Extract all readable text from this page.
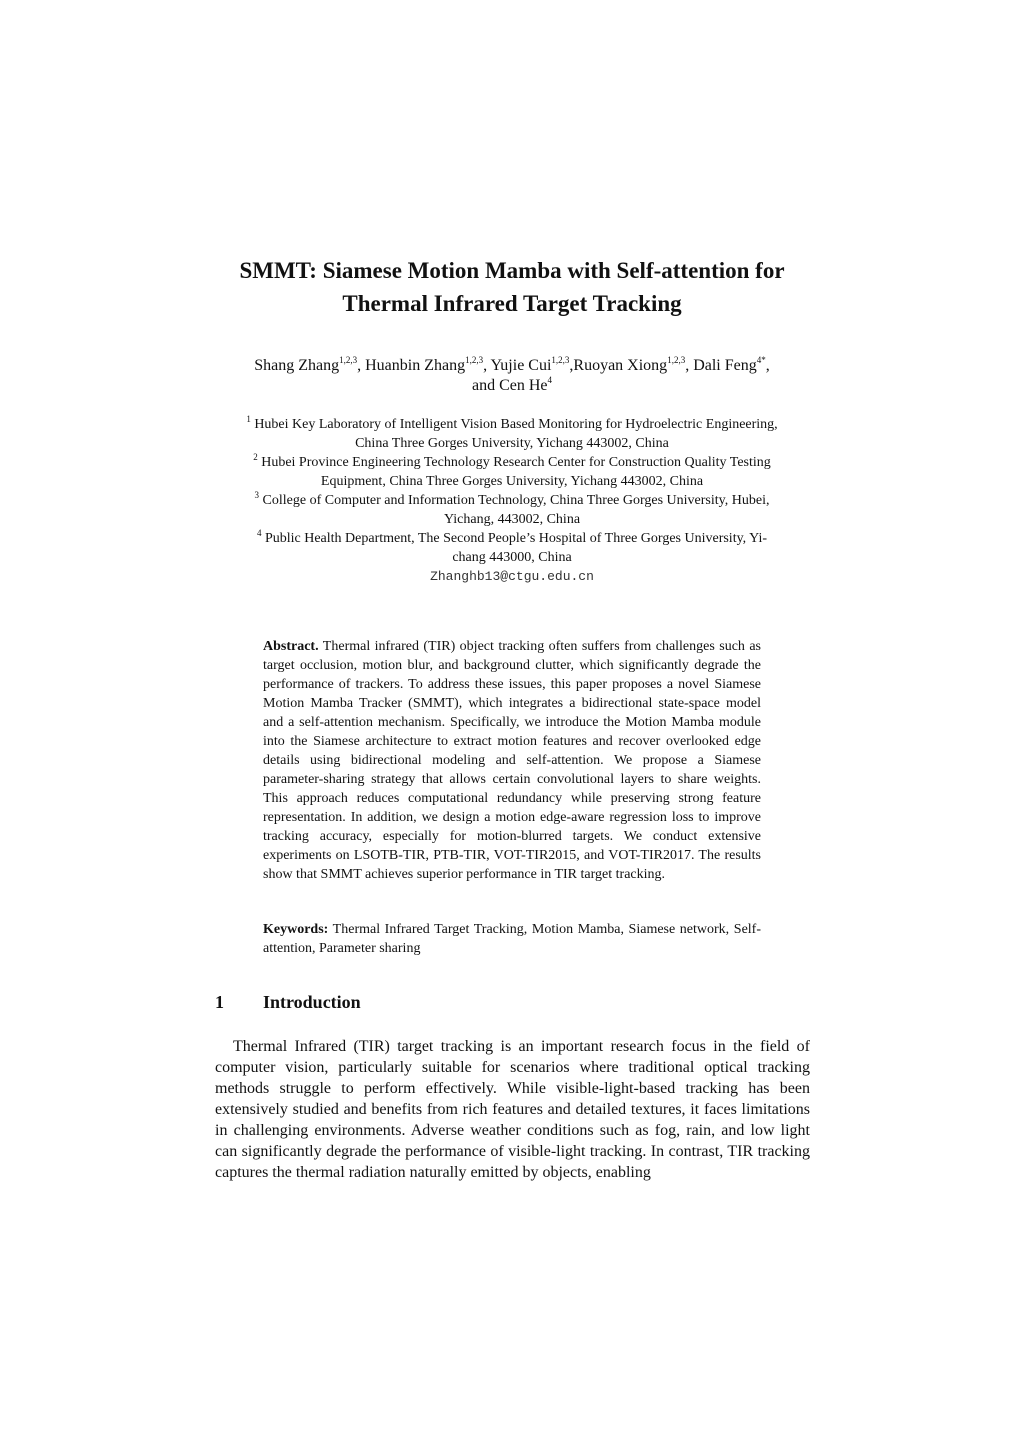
SMMT: Siamese Motion Mamba with Self-attention for
Thermal Infrared Target Tracking
Shang Zhang$^{1,2,3}$, Huanbin Zhang$^{1,2,3}$, Yujie Cui$^{1,2,3}$,Ruoyan Xiong$^{1,2,3}$, Dali Feng$^{4*}$,
and Cen He$^4$
$^1$ Hubei Key Laboratory of Intelligent Vision Based Monitoring for Hydroelectric Engineering,
China Three Gorges University, Yichang 443002, China
$^2$ Hubei Province Engineering Technology Research Center for Construction Quality Testing
Equipment, China Three Gorges University, Yichang 443002, China
$^3$ College of Computer and Information Technology, China Three Gorges University, Hubei,
Yichang, 443002, China
$^4$ Public Health Department, The Second People’s Hospital of Three Gorges University, Yi-
chang 443000, China
Zhanghb13@ctgu.edu.cn
Abstract. Thermal infrared (TIR) object tracking often suffers from challenges such as target occlusion, motion blur, and background clutter, which significantly degrade the performance of trackers. To address these issues, this paper proposes a novel Siamese Motion Mamba Tracker (SMMT), which integrates a bidirectional state-space model and a self-attention mechanism. Specifically, we introduce the Motion Mamba module into the Siamese architecture to extract motion features and recover overlooked edge details using bidirectional modeling and self-attention. We propose a Siamese parameter-sharing strategy that allows certain convolutional layers to share weights. This approach reduces computational redundancy while preserving strong feature representation. In addition, we design a motion edge-aware regression loss to improve tracking accuracy, especially for motion-blurred targets. We conduct extensive experiments on LSOTB-TIR, PTB-TIR, VOT-TIR2015, and VOT-TIR2017. The results show that SMMT achieves superior performance in TIR target tracking.
Keywords: Thermal Infrared Target Tracking, Motion Mamba, Siamese network, Self-attention, Parameter sharing
1 Introduction
Thermal Infrared (TIR) target tracking is an important research focus in the field of computer vision, particularly suitable for scenarios where traditional optical tracking methods struggle to perform effectively. While visible-light-based tracking has been extensively studied and benefits from rich features and detailed textures, it faces limitations in challenging environments. Adverse weather conditions such as fog, rain, and low light can significantly degrade the performance of visible-light tracking. In contrast, TIR tracking captures the thermal radiation naturally emitted by objects, enabling
